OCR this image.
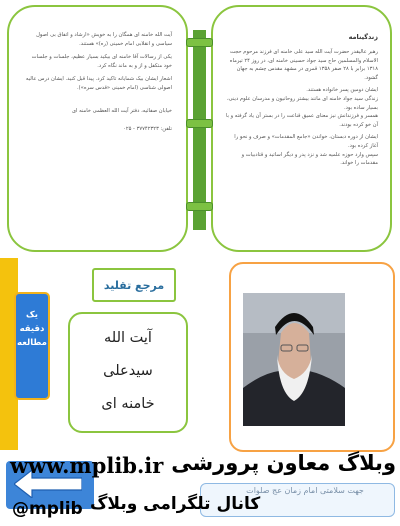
آیت الله خامنه ای همگان را به خویش «ارشاد و اتفاق بی اصول سیاسی و انقلابی امام خمینی (ره)» هستند.

یکی از رسالات آقا خامنه ای بیکید بسیار عظیم، جلسات و جلسات خود متکفل و از و به ماند نگاه کرد.

اشعار ایشان بیک شمایانه تاکید کرد. پیدا قبل کنید. ایشان درس عالیه اصولی شناسی (امام خمینی «قدس سره»).

خیابان صفائیه، دفتر آیت الله العظمی خامنه ای

تلفن: ۳۷۷۴۲۳۲۳ - ۰۲۵

زندگینامه

رهبر عالیقدر حضرت آیت الله سید علی خامنه ای فرزند مرحوم حجت الاسلام والمسلمین حاج سید جواد حسینی خامنه ای، در روز ۲۴ تیرماه ۱۳۱۸ برابر با ۲۸ صفر ۱۳۵۸ قمری در مشهد مقدس چشم به جهان گشود.

ایشان دومین پسر خانواده هستند.

زندگی سید جواد خامنه ای مانند بیشتر روحانیون و مدرسان علوم دینی، بسیار ساده بود.

همسر و فرزندانش نیز معنای عمیق قناعت را در بستر آن یاد گرفته و با آن خو کرده بودند.

ایشان از دوره دبستان، خواندن «جامع المقدمات» و صرف و نحو را آغاز کرده بود.

سپس وارد حوزه علمیه شد و نزد پدر و دیگر اساتید و قتادبیات و مقدمات را خواند.

یک دقیقه مطالعه
مرجع تقلید
آیت الله
سیدعلی
خامنه ای
جهت سلامتی امام زمان عج صلوات
www.mplib.ir وبلاگ معاون پرورشی
کانال تلگرامی وبلاگ
@mplib
